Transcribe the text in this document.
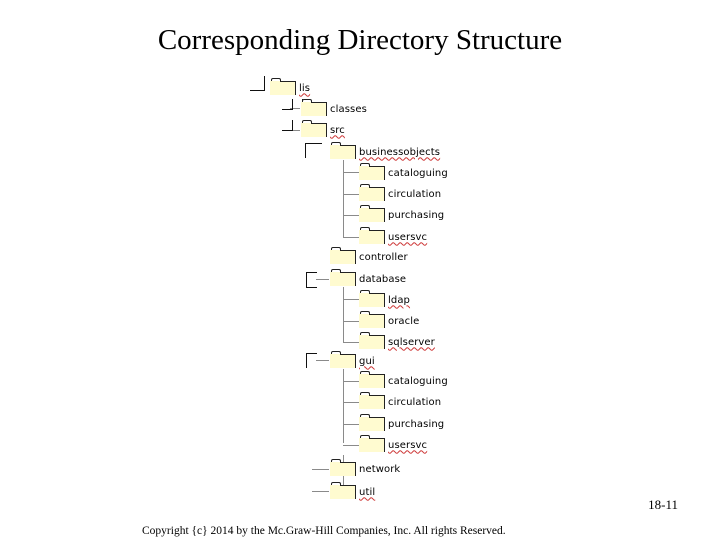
Corresponding Directory Structure
lis
classes
src
businessobjects
cataloguing
circulation
purchasing
usersvc
controller
database
ldap
oracle
sqlserver
gui
cataloguing
circulation
purchasing
usersvc
network
util
18-11
Copyright {c} 2014 by the Mc.Graw-Hill Companies, Inc. All rights Reserved.
